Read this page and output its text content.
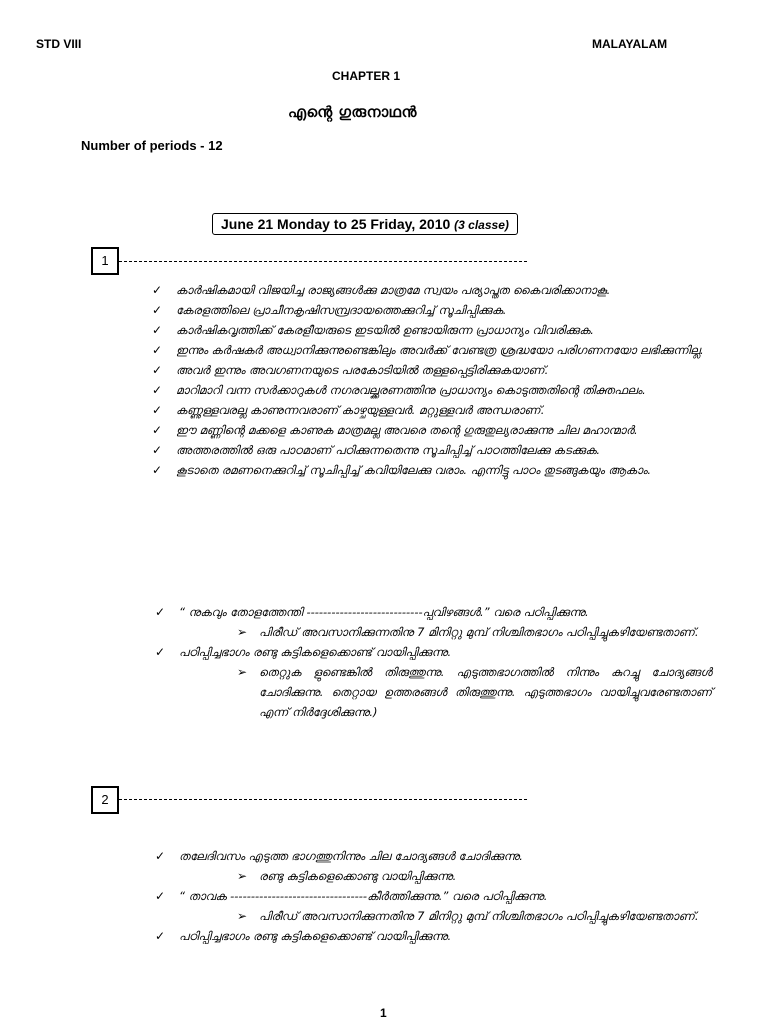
STD VIII	MALAYALAM
CHAPTER 1
എന്റെ ഗുരുനാഥൻ
Number of periods - 12
June 21 Monday to 25 Friday, 2010 (3 classe)
1
✓	കാർഷികമായി വിജയിച്ച രാജ്യങ്ങൾക്കു മാത്രമേ സ്വയം പര്യാപ്തത കൈവരിക്കാനാകൂ.
✓	കേരളത്തിലെ പ്രാചീനകൃഷിസമ്പ്രദായത്തെക്കുറിച്ച് സൂചിപ്പിക്കുക.
✓	കാർഷികവൃത്തിക്ക് കേരളീയരുടെ ഇടയിൽ ഉണ്ടായിരുന്ന പ്രാധാന്യം വിവരിക്കുക.
✓	ഇന്നും കർഷകർ അധ്വാനിക്കുന്നുണ്ടെങ്കിലും അവർക്ക് വേണ്ടത്ര ശ്രദ്ധയോ പരിഗണനയോ ലഭിക്കുന്നില്ല.
✓	അവർ ഇന്നും അവഗണനയുടെ പരകോടിയിൽ തള്ളപ്പെട്ടിരിക്കുകയാണ്.
✓	മാറിമാറി വന്ന സർക്കാറുകൾ നഗരവല്ക്കരണത്തിനു പ്രാധാന്യം കൊടുത്തതിന്റെ തിക്തഫലം.
✓	കണ്ണുള്ളവരല്ല കാണുന്നവരാണ് കാഴ്ചയുള്ളവർ. മറ്റുള്ളവർ അന്ധരാണ്.
✓	ഈ മണ്ണിന്റെ മക്കളെ കാണുക മാത്രമല്ല അവരെ തന്റെ ഗുരുതുല്യരാക്കുന്നു ചില മഹാന്മാർ.
✓	അത്തരത്തിൽ ഒരു പാഠമാണ് പഠിക്കുന്നതെന്നു സൂചിപ്പിച്ച് പാഠത്തിലേക്കു കടക്കുക.
✓	കൂടാതെ രമണനെക്കുറിച്ച് സൂചിപ്പിച്ച് കവിയിലേക്കു വരാം. എന്നിട്ടു പാഠം തുടങ്ങുകയും ആകാം.
✓	“ നുകവും തോളത്തേന്തി ----------------------------പ്പവിഴങ്ങൾ.” വരെ പഠിപ്പിക്കുന്നു.
➢	പിരീഡ് അവസാനിക്കുന്നതിനു 7 മിനിറ്റു മുമ്പ് നിശ്ചിതഭാഗം പഠിപ്പിച്ചുകഴിയേണ്ടതാണ്.
✓	പഠിപ്പിച്ചഭാഗം രണ്ടു കുട്ടികളെക്കൊണ്ട് വായിപ്പിക്കുന്നു.
➢	തെറ്റുക ളുണ്ടെങ്കിൽ തിരുത്തുന്നു. എടുത്തഭാഗത്തിൽ നിന്നും കുറച്ചു ചോദ്യങ്ങൾ ചോദിക്കുന്നു. തെറ്റായ ഉത്തരങ്ങൾ തിരുത്തുന്നു. എടുത്തഭാഗം വായിച്ചുവരേണ്ടതാണ് എന്ന് നിർദ്ദേശിക്കുന്നു.)
2
✓	തലേദിവസം എടുത്ത ഭാഗത്തുനിന്നും ചില ചോദ്യങ്ങൾ ചോദിക്കുന്നു.
➢	രണ്ടു കുട്ടികളെക്കൊണ്ടു വായിപ്പിക്കുന്നു.
✓	“ താവക ---------------------------------കീർത്തിക്കുന്നു.” വരെ പഠിപ്പിക്കുന്നു.
➢	പിരീഡ് അവസാനിക്കുന്നതിനു 7 മിനിറ്റു മുമ്പ് നിശ്ചിതഭാഗം പഠിപ്പിച്ചുകഴിയേണ്ടതാണ്.
✓	പഠിപ്പിച്ചഭാഗം രണ്ടു കുട്ടികളെക്കൊണ്ട് വായിപ്പിക്കുന്നു.
1
